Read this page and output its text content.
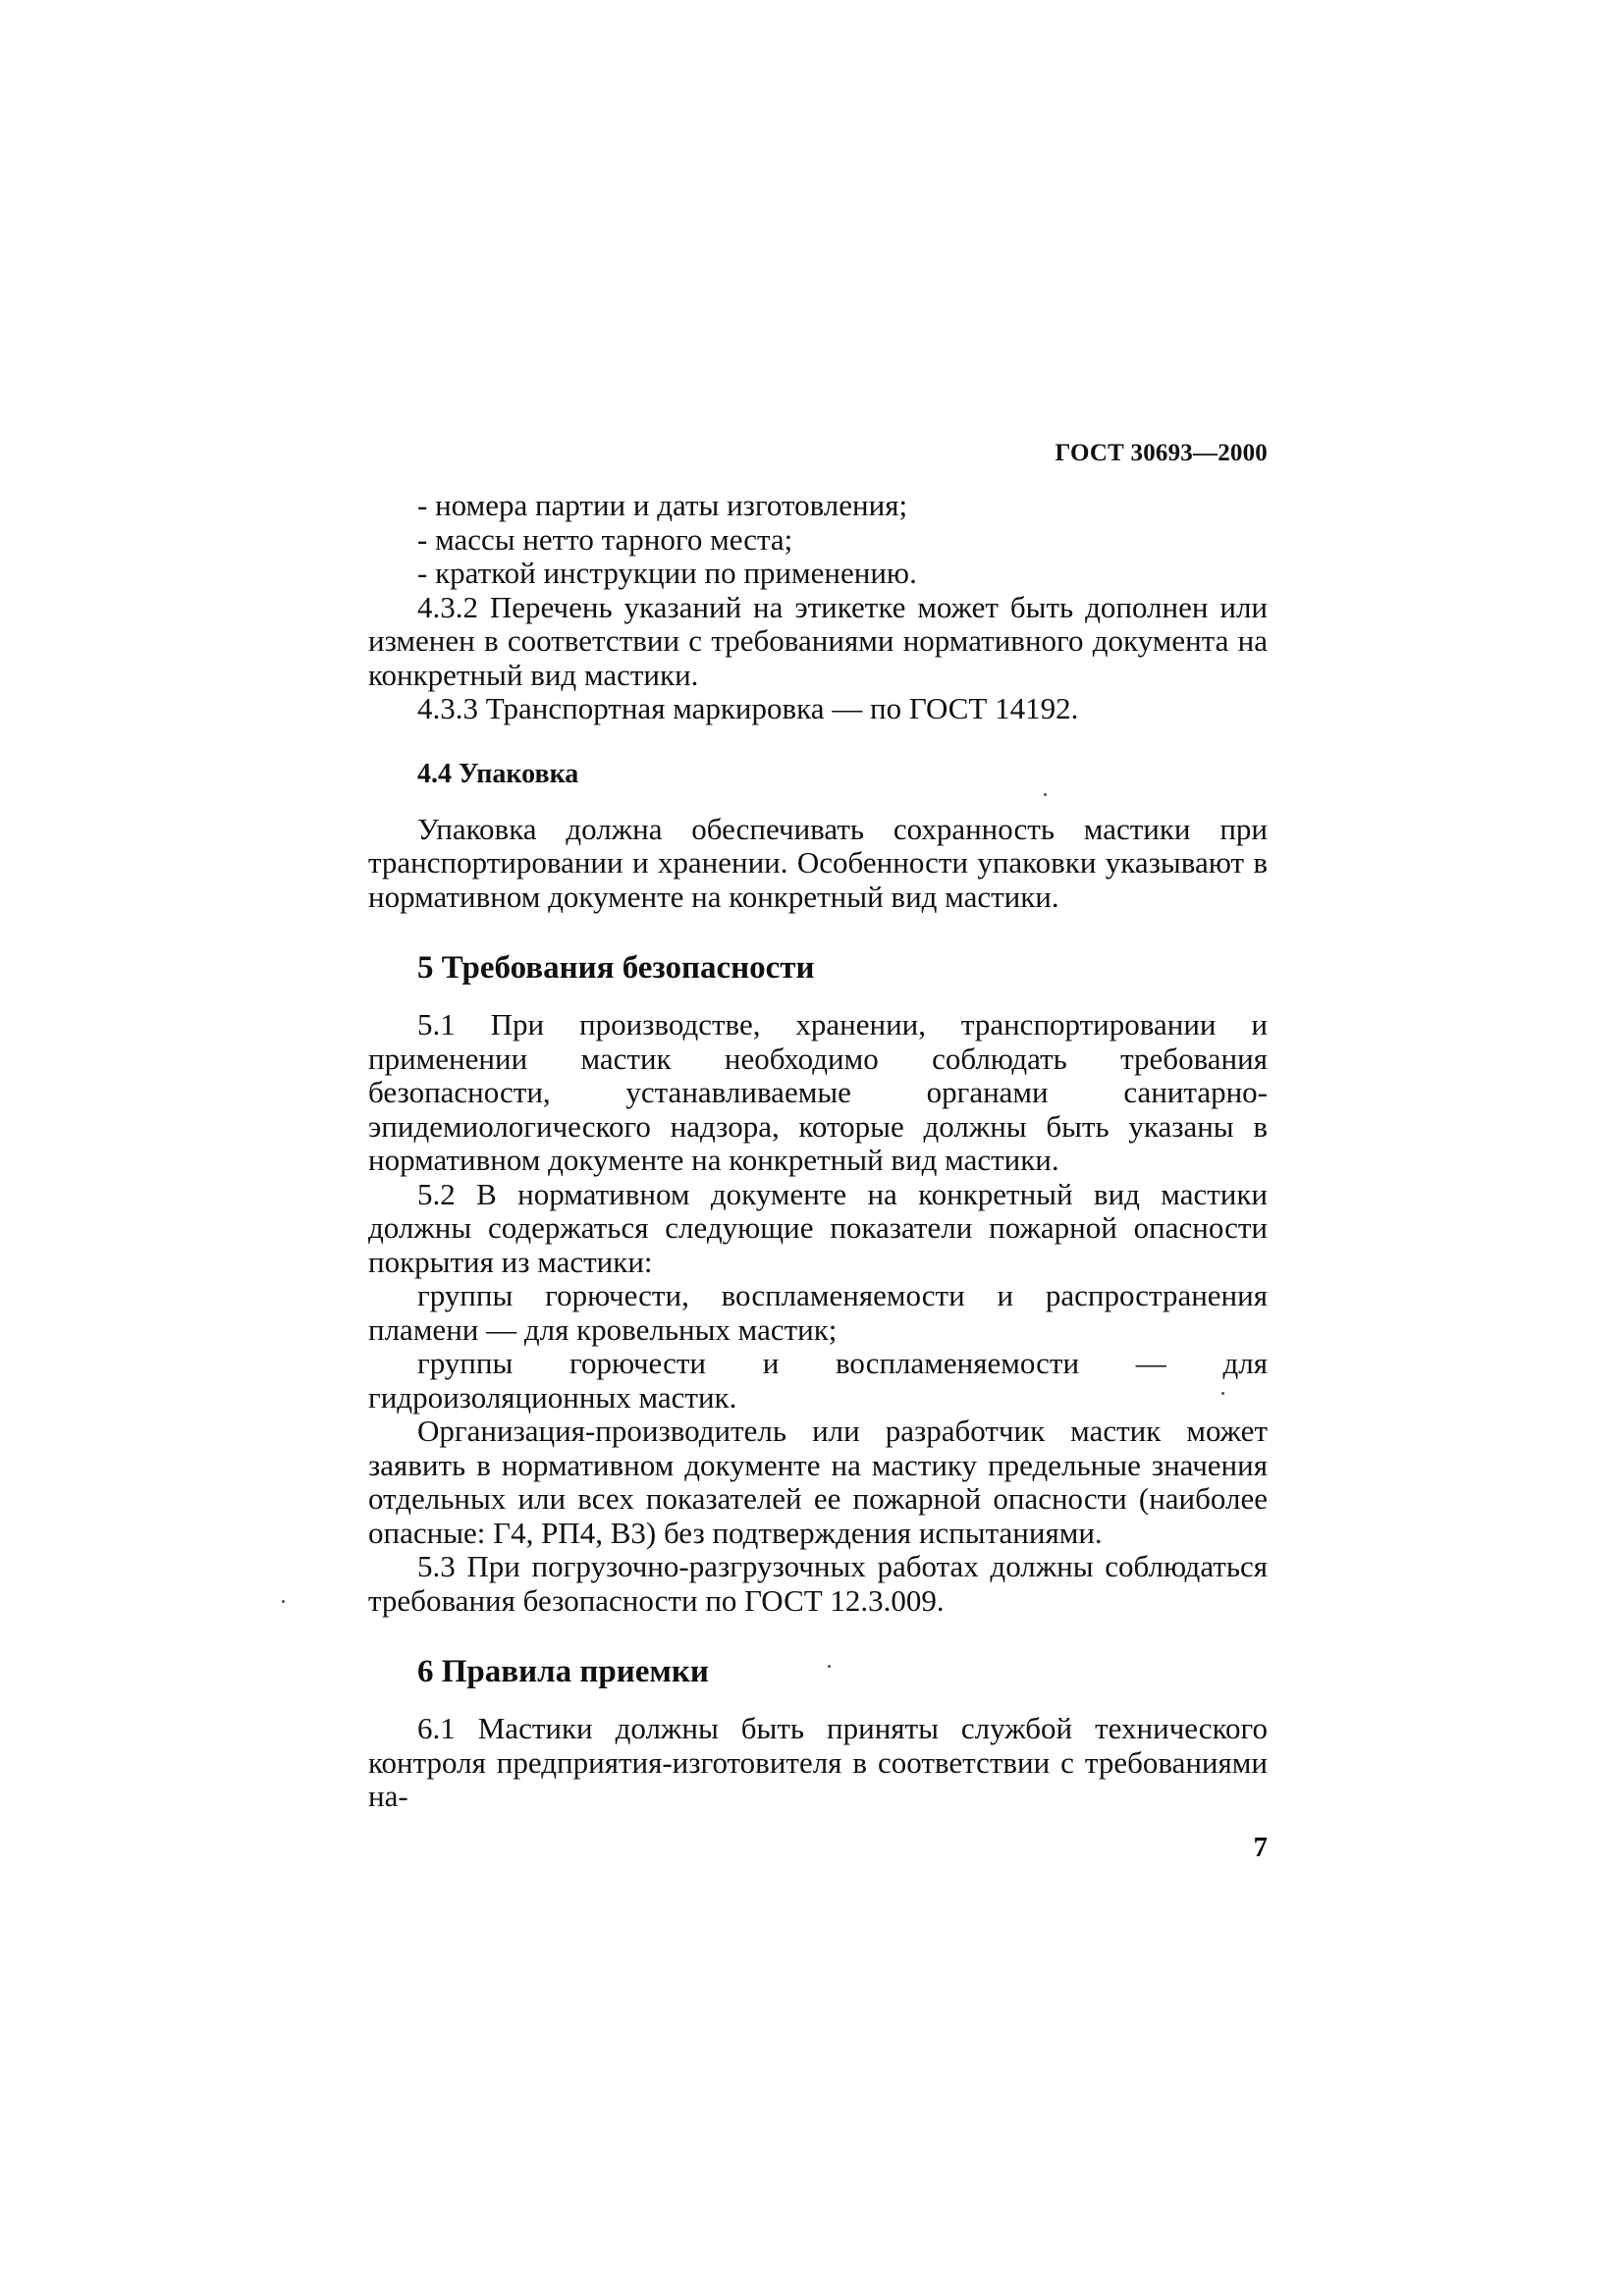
ГОСТ 30693—2000

- номера партии и даты изготовления;

- массы нетто тарного места;

- краткой инструкции по применению.

4.3.2 Перечень указаний на этикетке может быть дополнен или изменен в соответствии с требованиями нормативного документа на конкретный вид мастики.

4.3.3 Транспортная маркировка — по ГОСТ 14192.

4.4 Упаковка

Упаковка должна обеспечивать сохранность мастики при транспортировании и хранении. Особенности упаковки указывают в нормативном документе на конкретный вид мастики.

5 Требования безопасности

5.1 При производстве, хранении, транспортировании и применении мастик необходимо соблюдать требования безопасности, устанавливаемые органами санитарно-эпидемиологического надзора, которые должны быть указаны в нормативном документе на конкретный вид мастики.

5.2 В нормативном документе на конкретный вид мастики должны содержаться следующие показатели пожарной опасности покрытия из мастики:

группы горючести, воспламеняемости и распространения пламени — для кровельных мастик;

группы горючести и воспламеняемости — для гидроизоляционных мастик.

Организация-производитель или разработчик мастик может заявить в нормативном документе на мастику предельные значения отдельных или всех показателей ее пожарной опасности (наиболее опасные: Г4, РП4, В3) без подтверждения испытаниями.

5.3 При погрузочно-разгрузочных работах должны соблюдаться требования безопасности по ГОСТ 12.3.009.

6 Правила приемки

6.1 Мастики должны быть приняты службой технического контроля предприятия-изготовителя в соответствии с требованиями на-

7
